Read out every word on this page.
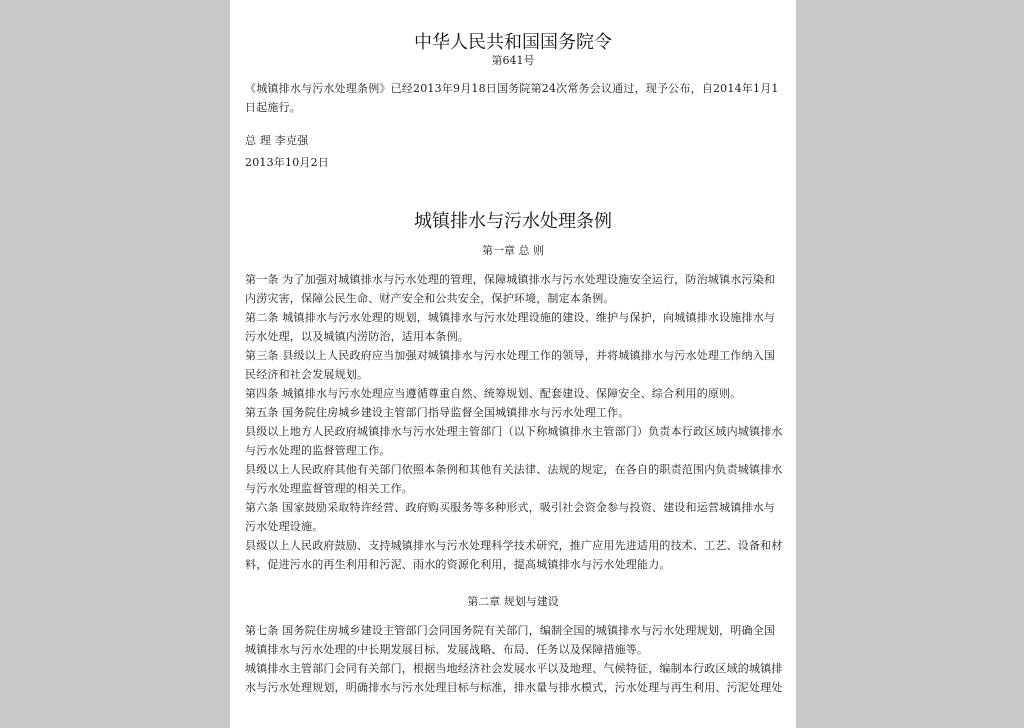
中华人民共和国国务院令
第641号

《城镇排水与污水处理条例》已经2013年9月18日国务院第24次常务会议通过，现予公布，自2014年1月1日起施行。

总 理 李克强

2013年10月2日

城镇排水与污水处理条例
第一章 总 则

第一条 为了加强对城镇排水与污水处理的管理，保障城镇排水与污水处理设施安全运行，防治城镇水污染和内涝灾害，保障公民生命、财产安全和公共安全，保护环境，制定本条例。

第二条 城镇排水与污水处理的规划，城镇排水与污水处理设施的建设、维护与保护，向城镇排水设施排水与污水处理，以及城镇内涝防治，适用本条例。

第三条 县级以上人民政府应当加强对城镇排水与污水处理工作的领导，并将城镇排水与污水处理工作纳入国民经济和社会发展规划。

第四条 城镇排水与污水处理应当遵循尊重自然、统筹规划、配套建设、保障安全、综合利用的原则。

第五条 国务院住房城乡建设主管部门指导监督全国城镇排水与污水处理工作。

县级以上地方人民政府城镇排水与污水处理主管部门（以下称城镇排水主管部门）负责本行政区域内城镇排水与污水处理的监督管理工作。

县级以上人民政府其他有关部门依照本条例和其他有关法律、法规的规定，在各自的职责范围内负责城镇排水与污水处理监督管理的相关工作。

第六条 国家鼓励采取特许经营、政府购买服务等多种形式，吸引社会资金参与投资、建设和运营城镇排水与污水处理设施。

县级以上人民政府鼓励、支持城镇排水与污水处理科学技术研究，推广应用先进适用的技术、工艺、设备和材料，促进污水的再生利用和污泥、雨水的资源化利用，提高城镇排水与污水处理能力。

第二章 规划与建设

第七条 国务院住房城乡建设主管部门会同国务院有关部门，编制全国的城镇排水与污水处理规划，明确全国城镇排水与污水处理的中长期发展目标、发展战略、布局、任务以及保障措施等。

城镇排水主管部门会同有关部门，根据当地经济社会发展水平以及地理、气候特征，编制本行政区域的城镇排水与污水处理规划，明确排水与污水处理目标与标准，排水量与排水模式，污水处理与再生利用、污泥处理处
